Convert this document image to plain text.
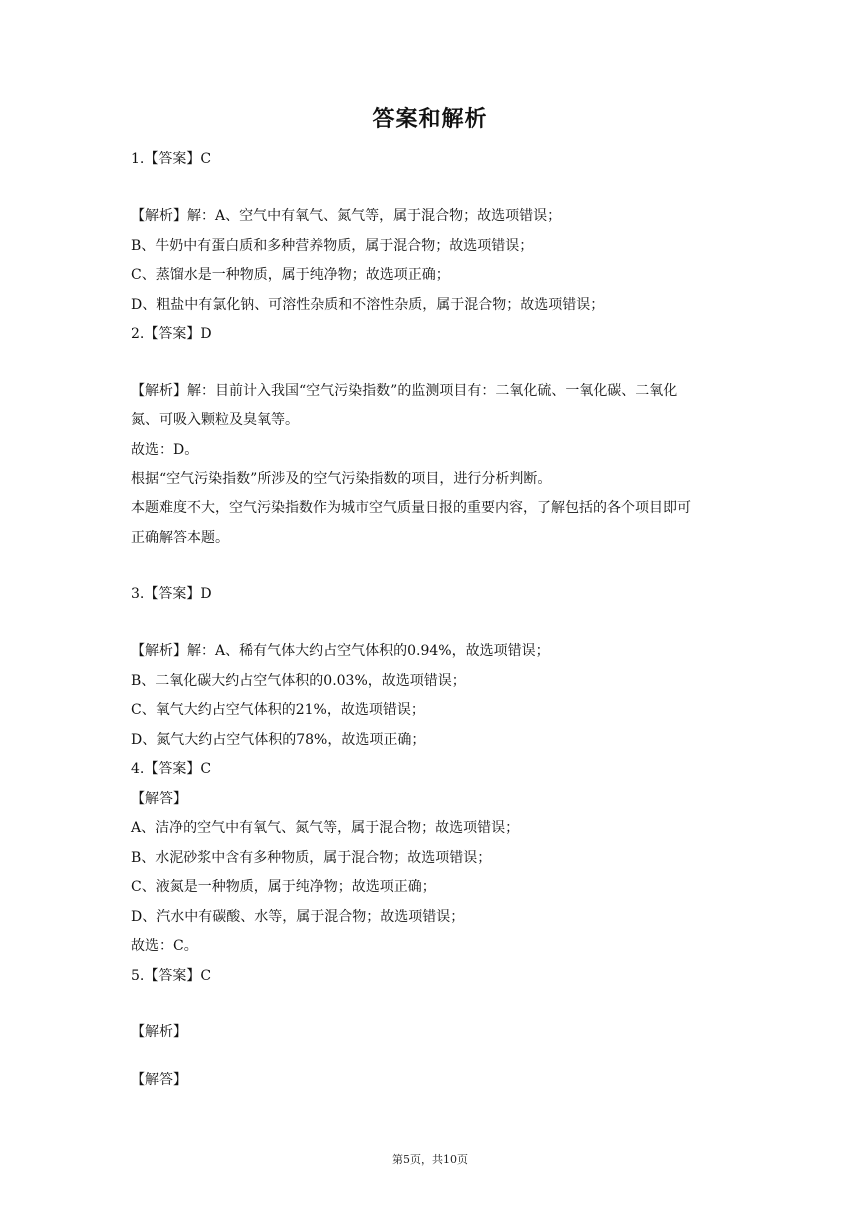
答案和解析
1.【答案】C
【解析】解：A、空气中有氧气、氮气等，属于混合物；故选项错误；
B、牛奶中有蛋白质和多种营养物质，属于混合物；故选项错误；
C、蒸馏水是一种物质，属于纯净物；故选项正确；
D、粗盐中有氯化钠、可溶性杂质和不溶性杂质，属于混合物；故选项错误；
2.【答案】D
【解析】解：目前计入我国“空气污染指数”的监测项目有：二氧化硫、一氧化碳、二氧化
氮、可吸入颗粒及臭氧等。
故选：D。
根据“空气污染指数”所涉及的空气污染指数的项目，进行分析判断。
本题难度不大，空气污染指数作为城市空气质量日报的重要内容，了解包括的各个项目即可
正确解答本题。
3.【答案】D
【解析】解：A、稀有气体大约占空气体积的0.94%，故选项错误；
B、二氧化碳大约占空气体积的0.03%，故选项错误；
C、氧气大约占空气体积的21%，故选项错误；
D、氮气大约占空气体积的78%，故选项正确；
4.【答案】C
【解答】
A、洁净的空气中有氧气、氮气等，属于混合物；故选项错误；
B、水泥砂浆中含有多种物质，属于混合物；故选项错误；
C、液氮是一种物质，属于纯净物；故选项正确；
D、汽水中有碳酸、水等，属于混合物；故选项错误；
故选：C。
5.【答案】C
【解析】
【解答】
第5页，共10页
